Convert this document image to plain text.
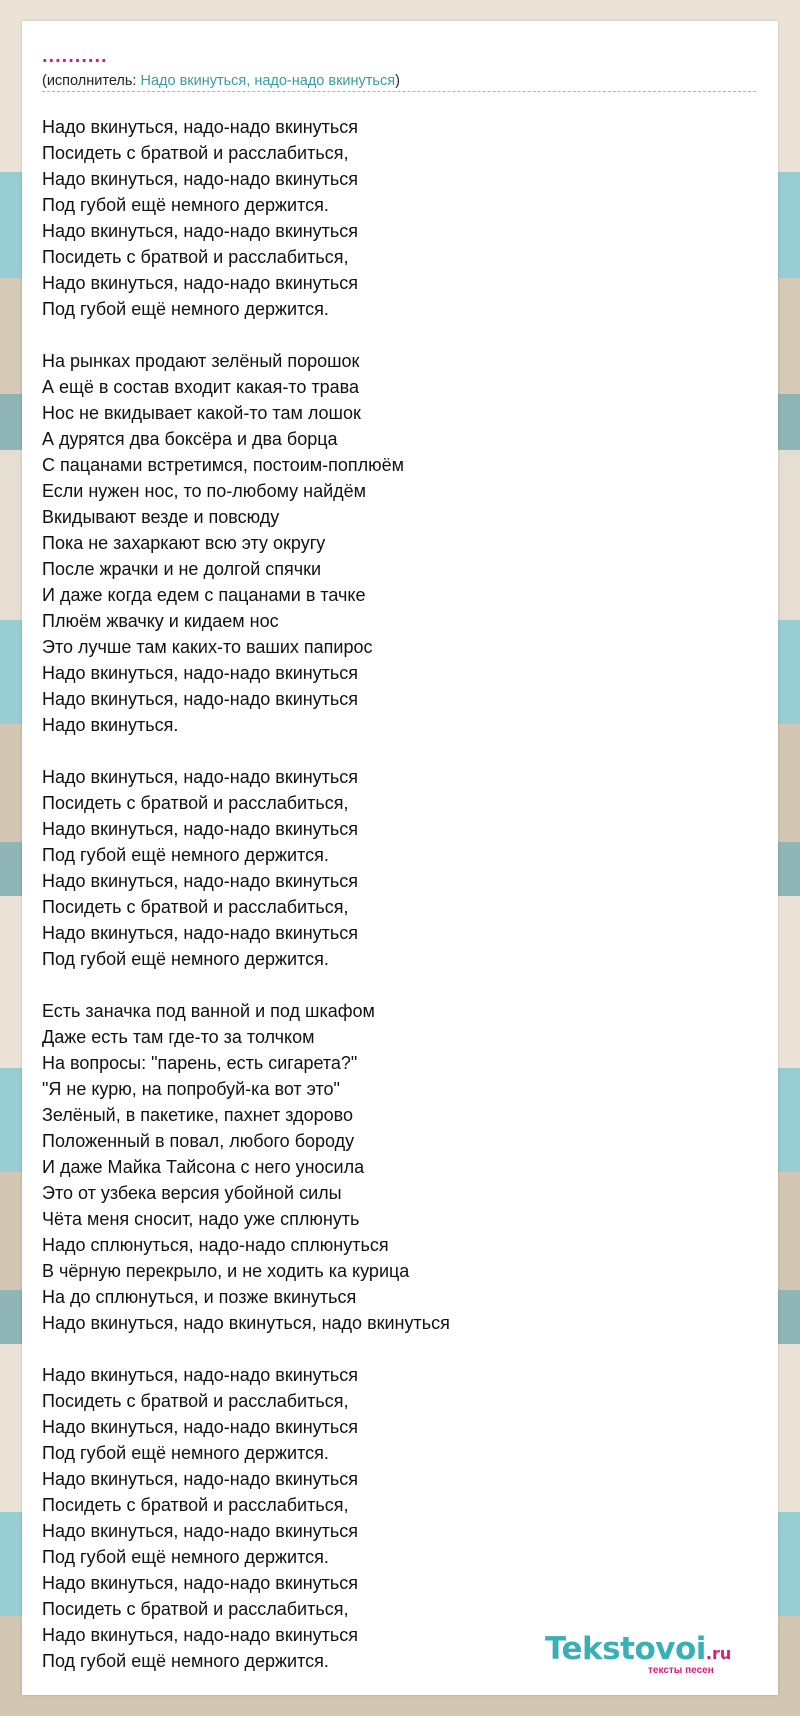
..........
(исполнитель: Надо вкинуться, надо-надо вкинуться)
Надо вкинуться, надо-надо вкинуться
Посидеть с братвой и расслабиться,
Надо вкинуться, надо-надо вкинуться
Под губой ещё немного держится.
Надо вкинуться, надо-надо вкинуться
Посидеть с братвой и расслабиться,
Надо вкинуться, надо-надо вкинуться
Под губой ещё немного держится.
На рынках продают зелёный порошок
А ещё в состав входит какая-то трава
Нос не вкидывает какой-то там лошок
А дурятся два боксёра и два борца
С пацанами встретимся, постоим-поплюём
Если нужен нос, то по-любому найдём
Вкидывают везде и повсюду
Пока не захаркают всю эту округу
После жрачки и не долгой спячки
И даже когда едем с пацанами в тачке
Плюём жвачку и кидаем нос
Это лучше там каких-то ваших папирос
Надо вкинуться, надо-надо вкинуться
Надо вкинуться, надо-надо вкинуться
Надо вкинуться.
Надо вкинуться, надо-надо вкинуться
Посидеть с братвой и расслабиться,
Надо вкинуться, надо-надо вкинуться
Под губой ещё немного держится.
Надо вкинуться, надо-надо вкинуться
Посидеть с братвой и расслабиться,
Надо вкинуться, надо-надо вкинуться
Под губой ещё немного держится.
Есть заначка под ванной и под шкафом
Даже есть там где-то за толчком
На вопросы: "парень, есть сигарета?"
"Я не курю, на попробуй-ка вот это"
Зелёный, в пакетике, пахнет здорово
Положенный в повал, любого бороду
И даже Майка Тайсона с него уносила
Это от узбека версия убойной силы
Чёта меня сносит, надо уже сплюнуть
Надо сплюнуться, надо-надо сплюнуться
В чёрную перекрыло, и не ходить ка курица
На до сплюнуться, и позже вкинуться
Надо вкинуться, надо вкинуться, надо вкинуться
Надо вкинуться, надо-надо вкинуться
Посидеть с братвой и расслабиться,
Надо вкинуться, надо-надо вкинуться
Под губой ещё немного держится.
Надо вкинуться, надо-надо вкинуться
Посидеть с братвой и расслабиться,
Надо вкинуться, надо-надо вкинуться
Под губой ещё немного держится.
Надо вкинуться, надо-надо вкинуться
Посидеть с братвой и расслабиться,
Надо вкинуться, надо-надо вкинуться
Под губой ещё немного держится.	Tekstovoi.ru
тексты песен
